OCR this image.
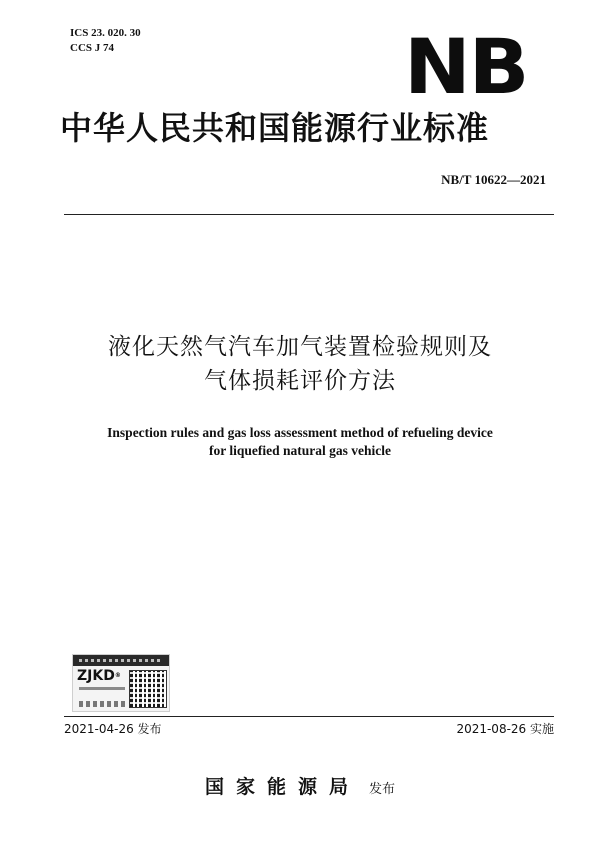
ICS 23. 020. 30
CCS J 74	NB
中华人民共和国能源行业标准
NB/T 10622—2021
液化天然气汽车加气装置检验规则及
气体损耗评价方法
Inspection rules and gas loss assessment method of refueling device
for liquefied natural gas vehicle
ZJKD®
2021-04-26 发布	2021-08-26 实施
国家能源局 发布
